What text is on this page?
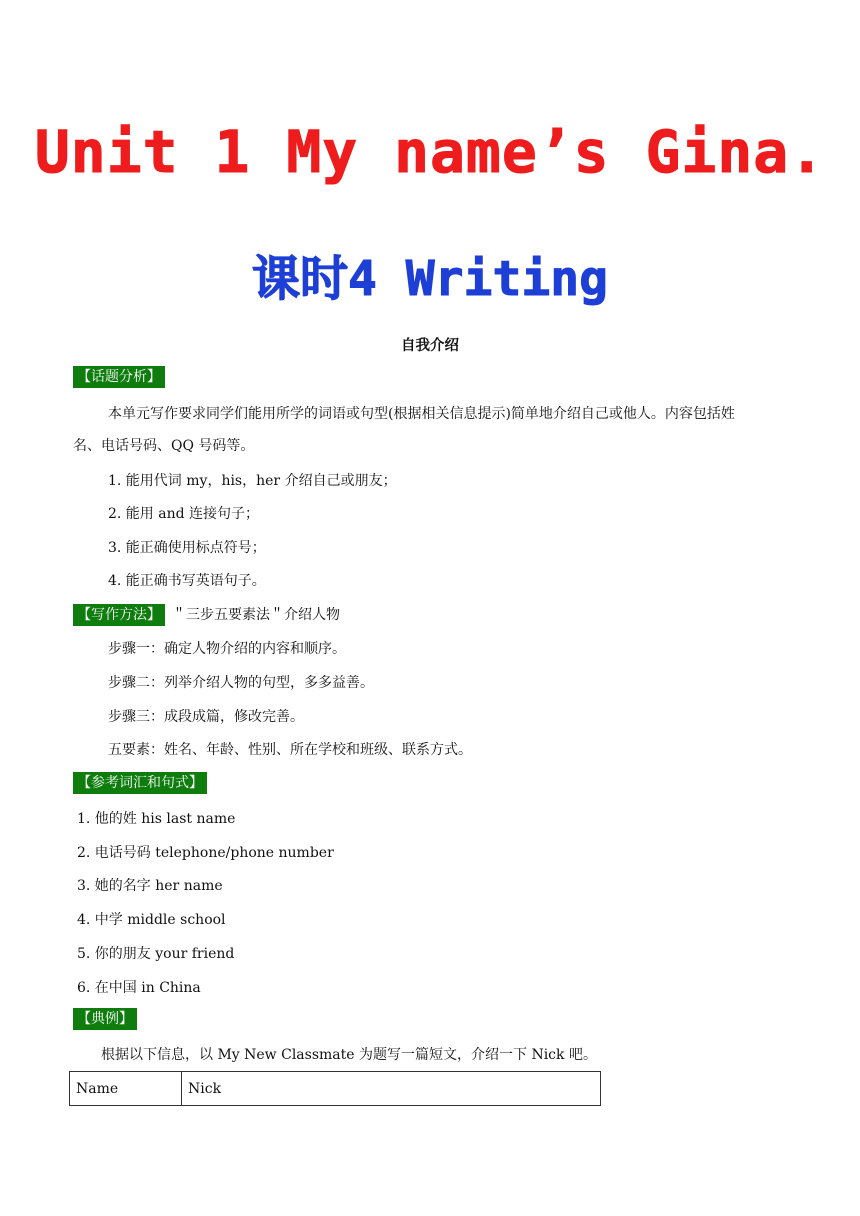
Unit 1 My name’s Gina.
课时4 Writing
自我介绍
【话题分析】
本单元写作要求同学们能用所学的词语或句型(根据相关信息提示)简单地介绍自己或他人。内容包括姓
名、电话号码、QQ 号码等。
1. 能用代词 my，his，her 介绍自己或朋友；
2. 能用 and 连接句子；
3. 能正确使用标点符号；
4. 能正确书写英语句子。
【写作方法】 ＂三步五要素法＂介绍人物
步骤一：确定人物介绍的内容和顺序。
步骤二：列举介绍人物的句型，多多益善。
步骤三：成段成篇，修改完善。
五要素：姓名、年龄、性别、所在学校和班级、联系方式。
【参考词汇和句式】
1. 他的姓 his last name
2. 电话号码 telephone/phone number
3. 她的名字 her name
4. 中学 middle school
5. 你的朋友 your friend
6. 在中国 in China
【典例】
根据以下信息，以 My New Classmate 为题写一篇短文，介绍一下 Nick 吧。
Name	Nick
